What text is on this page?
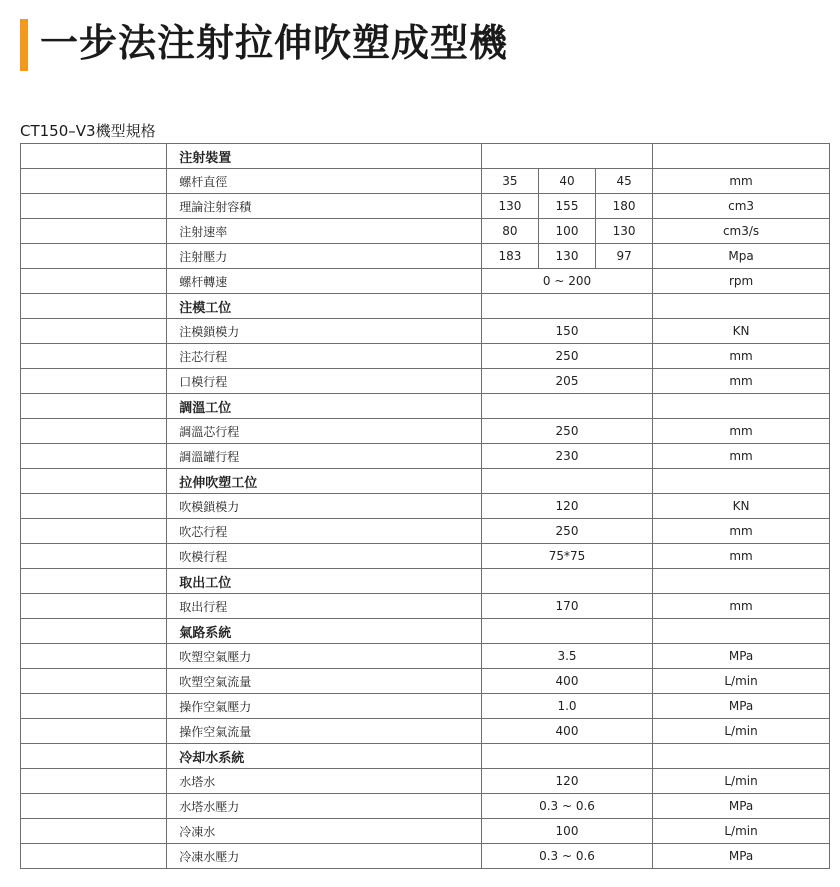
一步法注射拉伸吹塑成型機
CT150–V3機型規格
	注射裝置				
	螺杆直徑	35	40	45	mm
	理論注射容積	130	155	180	cm3
	注射速率	80	100	130	cm3/s
	注射壓力	183	130	97	Mpa
	螺杆轉速	0 ~ 200			rpm
	注模工位				
	注模鎖模力	150			KN
	注芯行程	250			mm
	口模行程	205			mm
	調溫工位				
	調溫芯行程	250			mm
	調溫罐行程	230			mm
	拉伸吹塑工位				
	吹模鎖模力	120			KN
	吹芯行程	250			mm
	吹模行程	75*75			mm
	取出工位				
	取出行程	170			mm
	氣路系統				
	吹塑空氣壓力	3.5			MPa
	吹塑空氣流量	400			L/min
	操作空氣壓力	1.0			MPa
	操作空氣流量	400			L/min
	冷却水系統				
	水塔水	120			L/min
	水塔水壓力	0.3 ~ 0.6			MPa
	冷凍水	100			L/min
	冷凍水壓力	0.3 ~ 0.6			MPa
